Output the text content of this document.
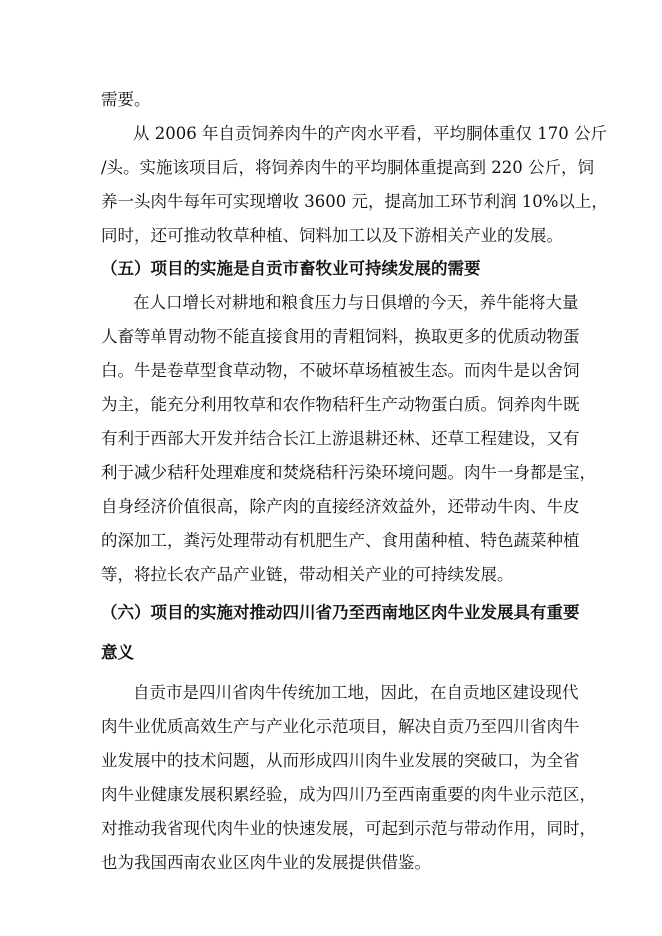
需要。
从 2006 年自贡饲养肉牛的产肉水平看，平均胴体重仅 170 公斤
/头。实施该项目后，将饲养肉牛的平均胴体重提高到 220 公斤，饲
养一头肉牛每年可实现增收 3600 元，提高加工环节利润 10%以上，
同时，还可推动牧草种植、饲料加工以及下游相关产业的发展。
（五）项目的实施是自贡市畜牧业可持续发展的需要
在人口增长对耕地和粮食压力与日俱增的今天，养牛能将大量
人畜等单胃动物不能直接食用的青粗饲料，换取更多的优质动物蛋
白。牛是卷草型食草动物，不破坏草场植被生态。而肉牛是以舍饲
为主，能充分利用牧草和农作物秸秆生产动物蛋白质。饲养肉牛既
有利于西部大开发并结合长江上游退耕还林、还草工程建设，又有
利于减少秸秆处理难度和焚烧秸秆污染环境问题。肉牛一身都是宝，
自身经济价值很高，除产肉的直接经济效益外，还带动牛肉、牛皮
的深加工，粪污处理带动有机肥生产、食用菌种植、特色蔬菜种植
等，将拉长农产品产业链，带动相关产业的可持续发展。
（六）项目的实施对推动四川省乃至西南地区肉牛业发展具有重要
意义
自贡市是四川省肉牛传统加工地，因此，在自贡地区建设现代
肉牛业优质高效生产与产业化示范项目，解决自贡乃至四川省肉牛
业发展中的技术问题，从而形成四川肉牛业发展的突破口，为全省
肉牛业健康发展积累经验，成为四川乃至西南重要的肉牛业示范区，
对推动我省现代肉牛业的快速发展，可起到示范与带动作用，同时，
也为我国西南农业区肉牛业的发展提供借鉴。
